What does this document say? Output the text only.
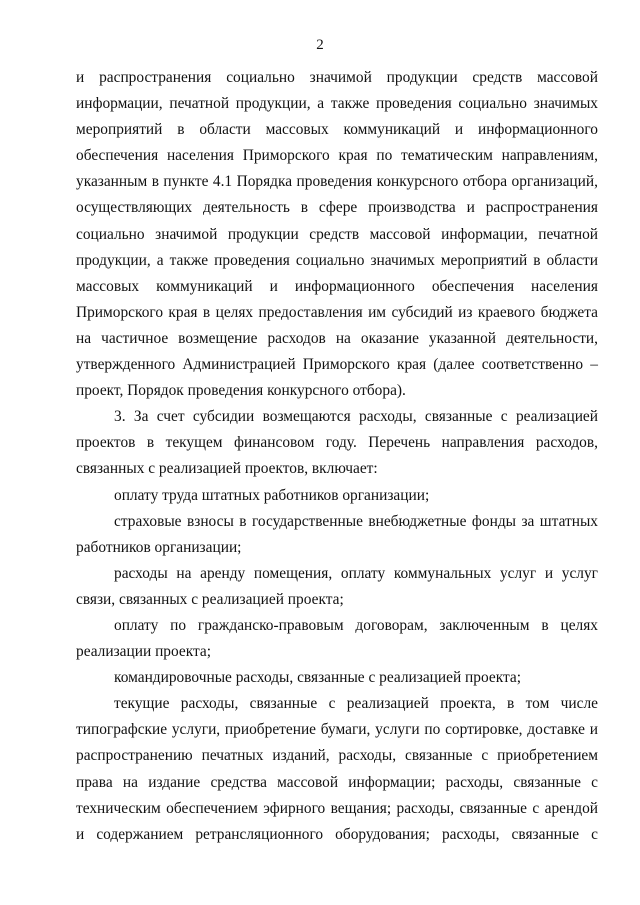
2

и распространения социально значимой продукции средств массовой информации, печатной продукции, а также проведения социально значимых мероприятий в области массовых коммуникаций и информационного обеспечения населения Приморского края по тематическим направлениям, указанным в пункте 4.1 Порядка проведения конкурсного отбора организаций, осуществляющих деятельность в сфере производства и распространения социально значимой продукции средств массовой информации, печатной продукции, а также проведения социально значимых мероприятий в области массовых коммуникаций и информационного обеспечения населения Приморского края в целях предоставления им субсидий из краевого бюджета на частичное возмещение расходов на оказание указанной деятельности, утвержденного Администрацией Приморского края (далее соответственно – проект, Порядок проведения конкурсного отбора).

3. За счет субсидии возмещаются расходы, связанные с реализацией проектов в текущем финансовом году. Перечень направления расходов, связанных с реализацией проектов, включает:

оплату труда штатных работников организации;

страховые взносы в государственные внебюджетные фонды за штатных работников организации;

расходы на аренду помещения, оплату коммунальных услуг и услуг связи, связанных с реализацией проекта;

оплату по гражданско-правовым договорам, заключенным в целях реализации проекта;

командировочные расходы, связанные с реализацией проекта;

текущие расходы, связанные с реализацией проекта, в том числе типографские услуги, приобретение бумаги, услуги по сортировке, доставке и распространению печатных изданий, расходы, связанные с приобретением права на издание средства массовой информации; расходы, связанные с техническим обеспечением эфирного вещания; расходы, связанные с арендой и содержанием ретрансляционного оборудования; расходы, связанные с
